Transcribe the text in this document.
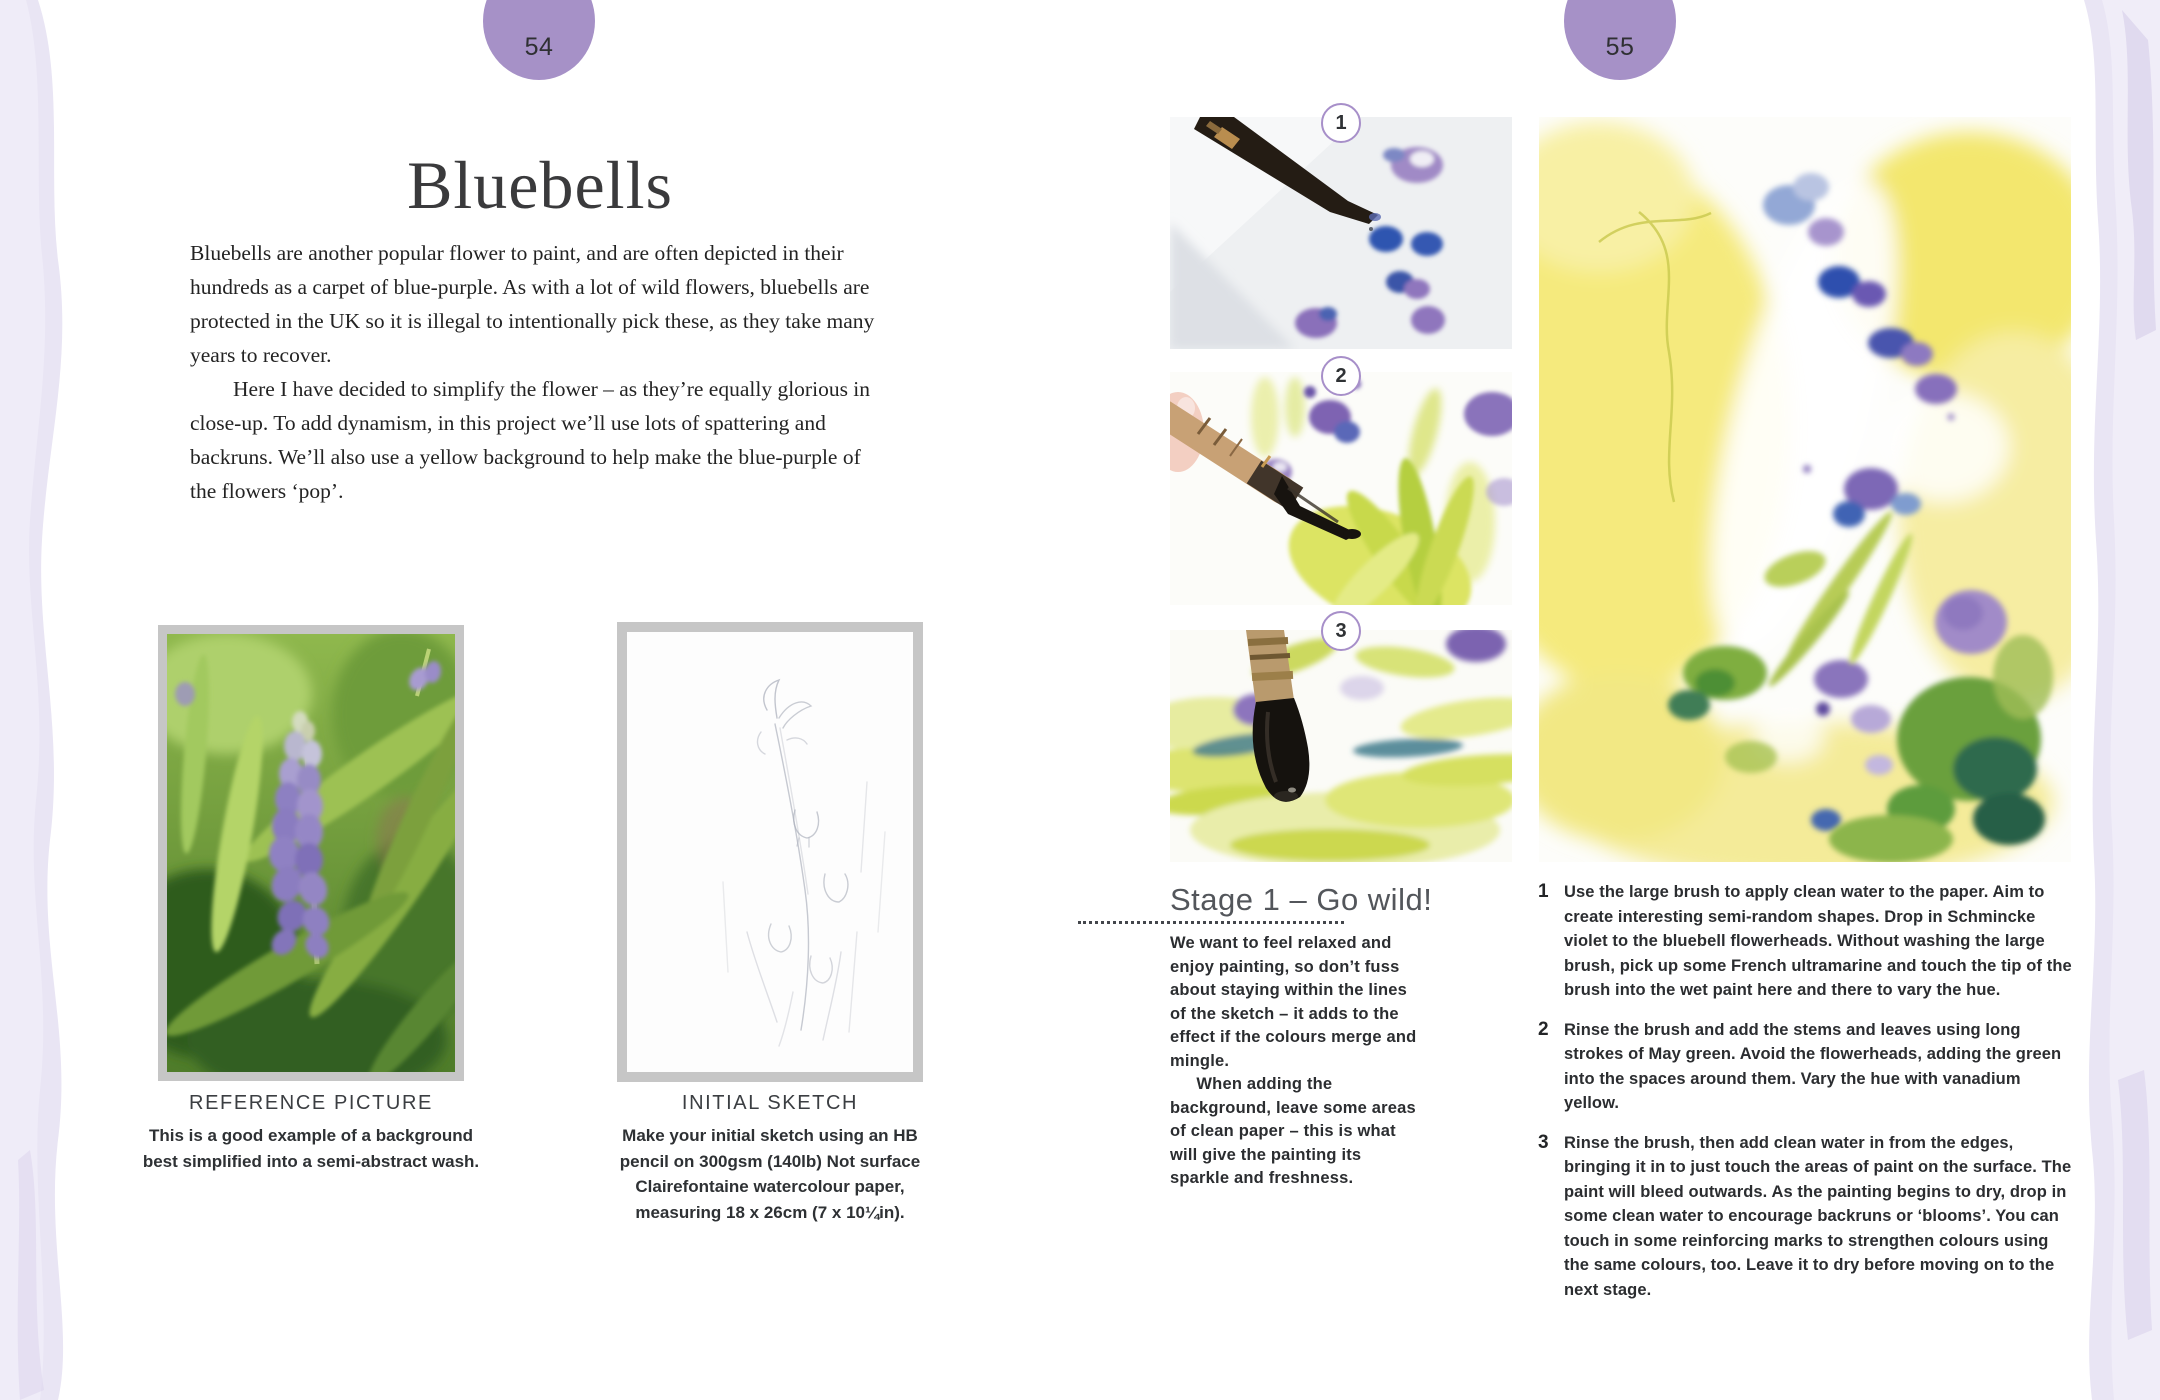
54	55
Bluebells

Bluebells are another popular flower to paint, and are often depicted in their hundreds as a carpet of blue-purple. As with a lot of wild flowers, bluebells are protected in the UK so it is illegal to intentionally pick these, as they take many years to recover.

Here I have decided to simplify the flower – as they’re equally glorious in close-up. To add dynamism, in this project we’ll use lots of spattering and backruns. We’ll also use a yellow background to help make the blue-purple of the flowers ‘pop’.

REFERENCE PICTURE

This is a good example of a background best simplified into a semi-abstract wash.

INITIAL SKETCH

Make your initial sketch using an HB pencil on 300gsm (140lb) Not surface Clairefontaine watercolour paper, measuring 18 x 26cm (7 x 10¼in).

1
2
3
Stage 1 – Go wild!

We want to feel relaxed and enjoy painting, so don’t fuss about staying within the lines of the sketch – it adds to the effect if the colours merge and mingle.

When adding the background, leave some areas of clean paper – this is what will give the painting its sparkle and freshness.

1 Use the large brush to apply clean water to the paper. Aim to create interesting semi-random shapes. Drop in Schmincke violet to the bluebell flowerheads. Without washing the large brush, pick up some French ultramarine and touch the tip of the brush into the wet paint here and there to vary the hue.
2 Rinse the brush and add the stems and leaves using long strokes of May green. Avoid the flowerheads, adding the green into the spaces around them. Vary the hue with vanadium yellow.
3 Rinse the brush, then add clean water in from the edges, bringing it in to just touch the areas of paint on the surface. The paint will bleed outwards. As the painting begins to dry, drop in some clean water to encourage backruns or ‘blooms’. You can touch in some reinforcing marks to strengthen colours using the same colours, too. Leave it to dry before moving on to the next stage.
